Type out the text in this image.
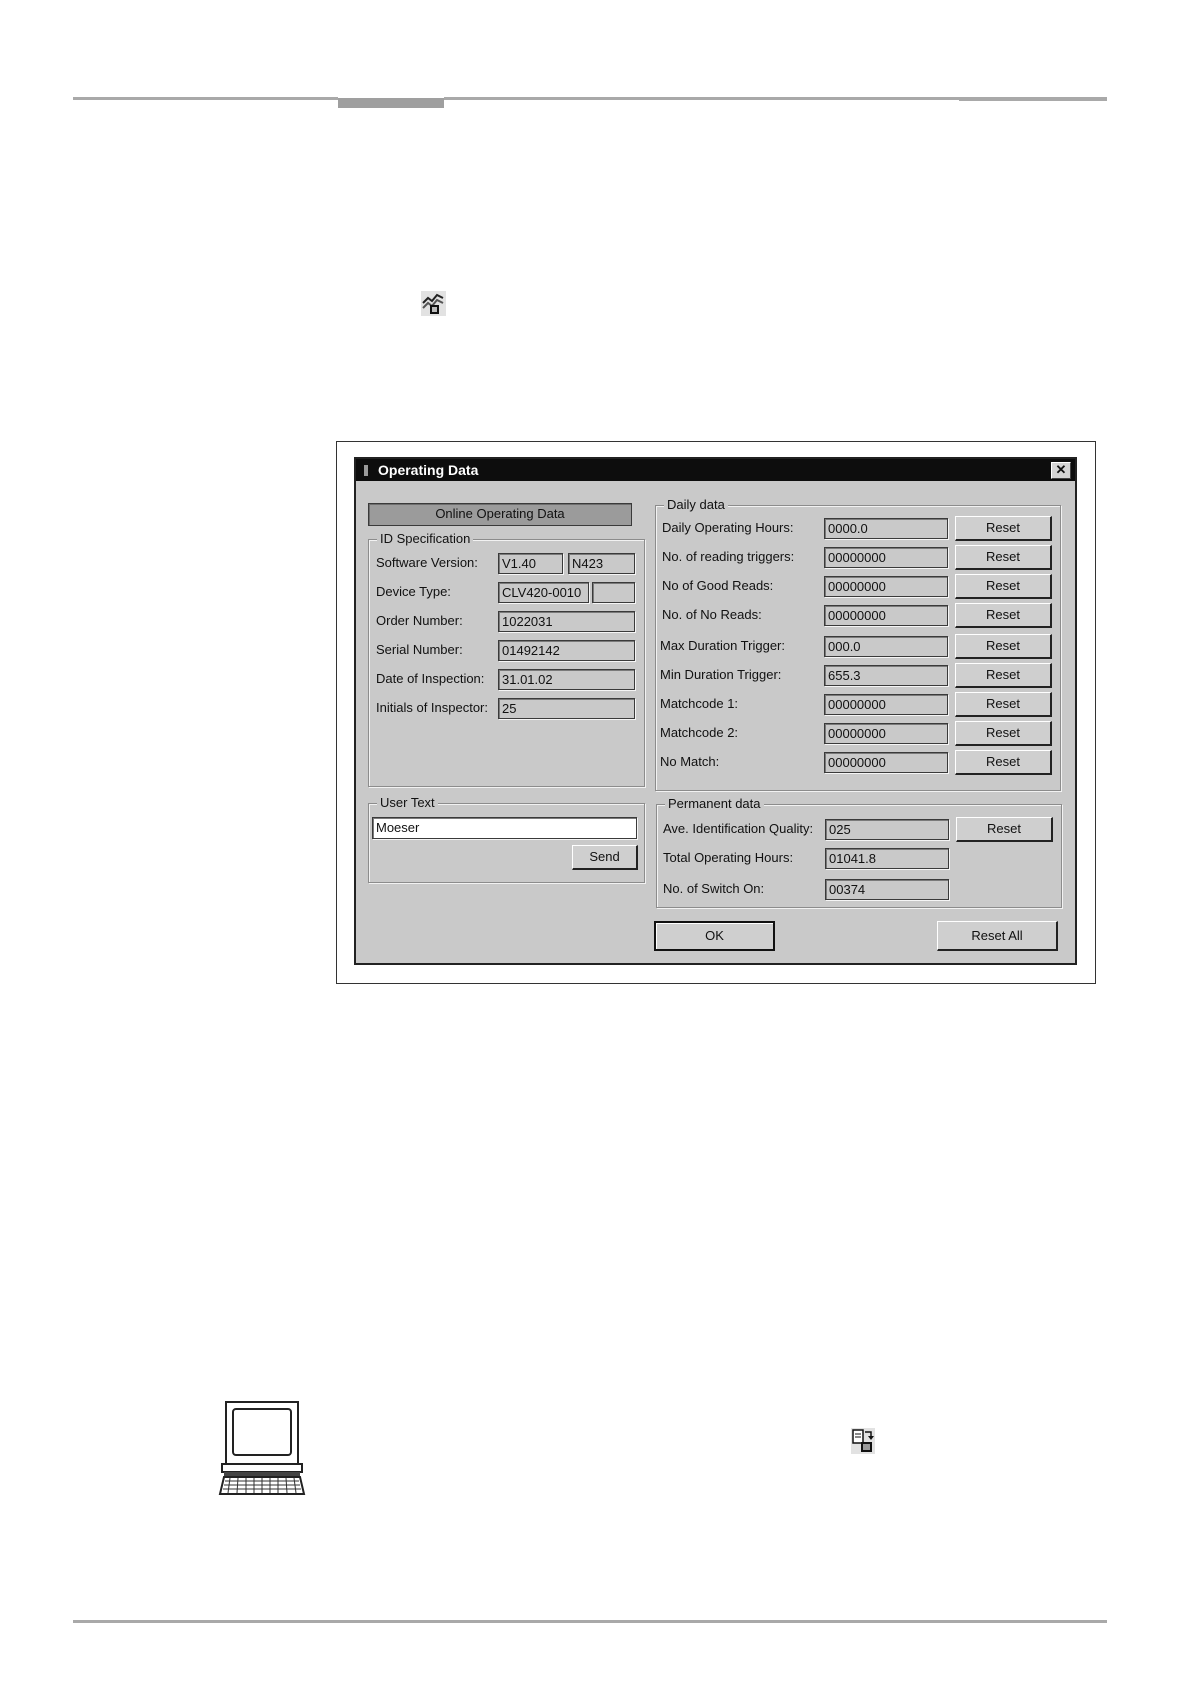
Operating Data	✕
Online Operating Data
ID Specification
Software Version:	V1.40	N423
Device Type:	CLV420-0010
Order Number:	1022031
Serial Number:	01492142
Date of Inspection:	31.01.02
Initials of Inspector:	25
User Text
Moeser
Send
Daily data
Daily Operating Hours:	0000.0	Reset
No. of reading triggers:	00000000	Reset
No of Good Reads:	00000000	Reset
No. of No Reads:	00000000	Reset
Max Duration Trigger:	000.0	Reset
Min Duration Trigger:	655.3	Reset
Matchcode 1:	00000000	Reset
Matchcode 2:	00000000	Reset
No Match:	00000000	Reset
Permanent data
Ave. Identification Quality:	025	Reset
Total Operating Hours:	01041.8
No. of Switch On:	00374
OK	Reset All
